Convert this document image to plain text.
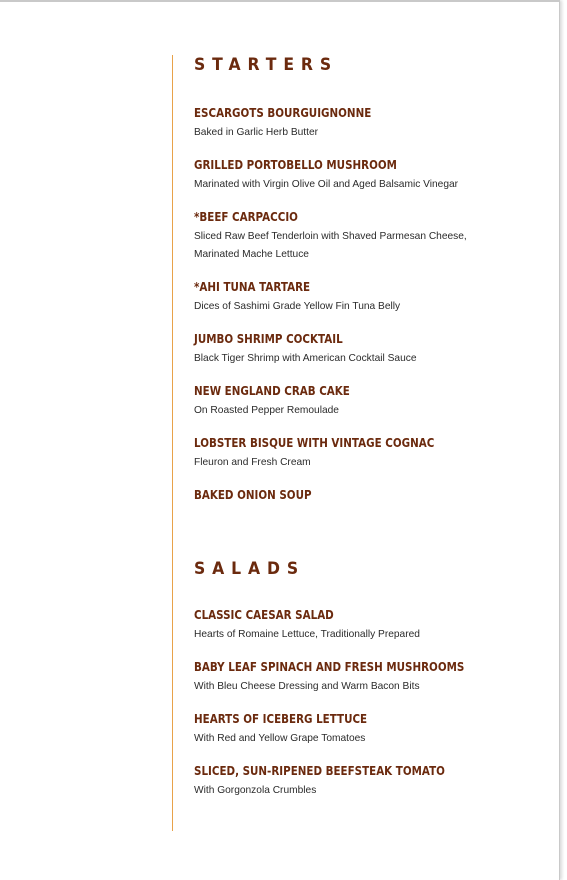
STARTERS
ESCARGOTS BOURGUIGNONNE
Baked in Garlic Herb Butter
GRILLED PORTOBELLO MUSHROOM
Marinated with Virgin Olive Oil and Aged Balsamic Vinegar
*BEEF CARPACCIO
Sliced Raw Beef Tenderloin with Shaved Parmesan Cheese, Marinated Mache Lettuce
*AHI TUNA TARTARE
Dices of Sashimi Grade Yellow Fin Tuna Belly
JUMBO SHRIMP COCKTAIL
Black Tiger Shrimp with American Cocktail Sauce
NEW ENGLAND CRAB CAKE
On Roasted Pepper Remoulade
LOBSTER BISQUE WITH VINTAGE COGNAC
Fleuron and Fresh Cream
BAKED ONION SOUP
SALADS
CLASSIC CAESAR SALAD
Hearts of Romaine Lettuce, Traditionally Prepared
BABY LEAF SPINACH AND FRESH MUSHROOMS
With Bleu Cheese Dressing and Warm Bacon Bits
HEARTS OF ICEBERG LETTUCE
With Red and Yellow Grape Tomatoes
SLICED, SUN-RIPENED BEEFSTEAK TOMATO
With Gorgonzola Crumbles
